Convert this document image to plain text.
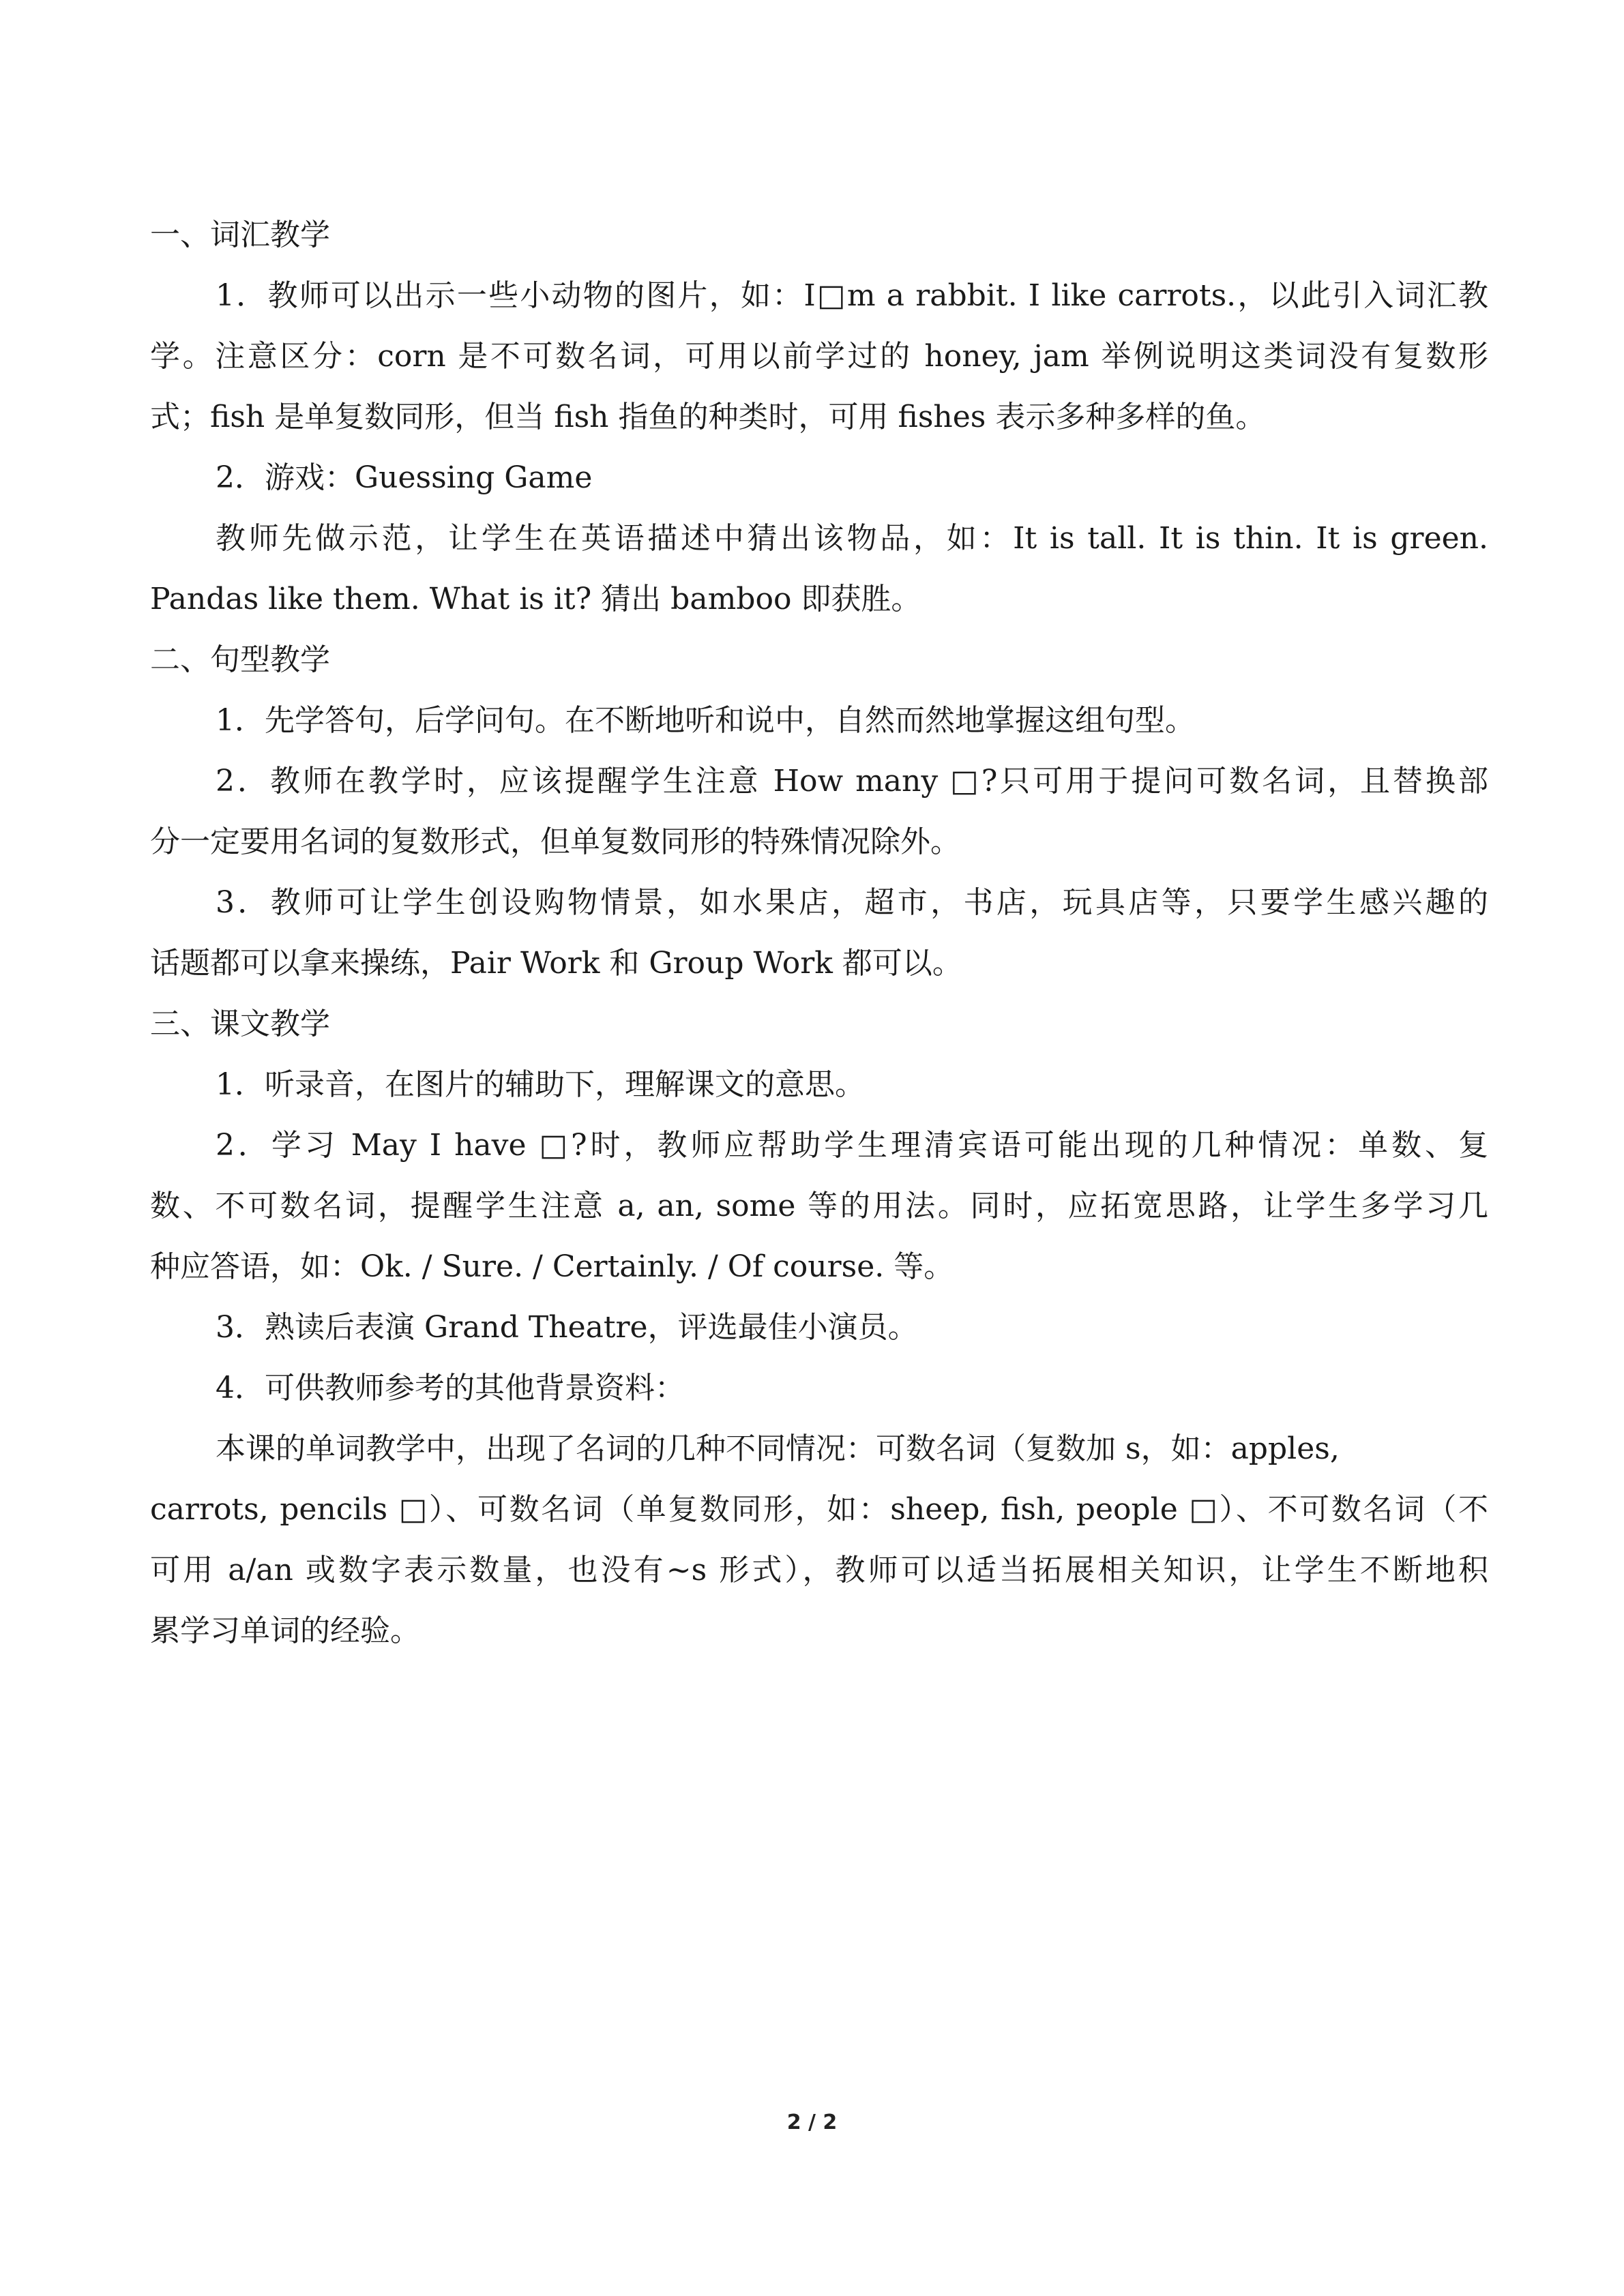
一、词汇教学
1．教师可以出示一些小动物的图片，如：I□m a rabbit. I like carrots.，以此引入词汇教
学。注意区分：corn 是不可数名词，可用以前学过的 honey, jam 举例说明这类词没有复数形
式；fish 是单复数同形，但当 fish 指鱼的种类时，可用 fishes 表示多种多样的鱼。
2．游戏：Guessing Game
教师先做示范，让学生在英语描述中猜出该物品，如：It is tall. It is thin. It is green.
Pandas like them. What is it? 猜出 bamboo 即获胜。
二、句型教学
1．先学答句，后学问句。在不断地听和说中，自然而然地掌握这组句型。
2．教师在教学时，应该提醒学生注意 How many □?只可用于提问可数名词，且替换部
分一定要用名词的复数形式，但单复数同形的特殊情况除外。
3．教师可让学生创设购物情景，如水果店，超市，书店，玩具店等，只要学生感兴趣的
话题都可以拿来操练，Pair Work 和 Group Work 都可以。
三、课文教学
1．听录音，在图片的辅助下，理解课文的意思。
2．学习 May I have □?时，教师应帮助学生理清宾语可能出现的几种情况：单数、复
数、不可数名词，提醒学生注意 a, an, some 等的用法。同时，应拓宽思路，让学生多学习几
种应答语，如：Ok. / Sure. / Certainly. / Of course. 等。
3．熟读后表演 Grand Theatre，评选最佳小演员。
4．可供教师参考的其他背景资料：
本课的单词教学中，出现了名词的几种不同情况：可数名词（复数加 s，如：apples,
carrots, pencils □）、可数名词（单复数同形，如：sheep, fish, people □）、不可数名词（不
可用 a/an 或数字表示数量，也没有~s 形式），教师可以适当拓展相关知识，让学生不断地积
累学习单词的经验。
2 / 2
